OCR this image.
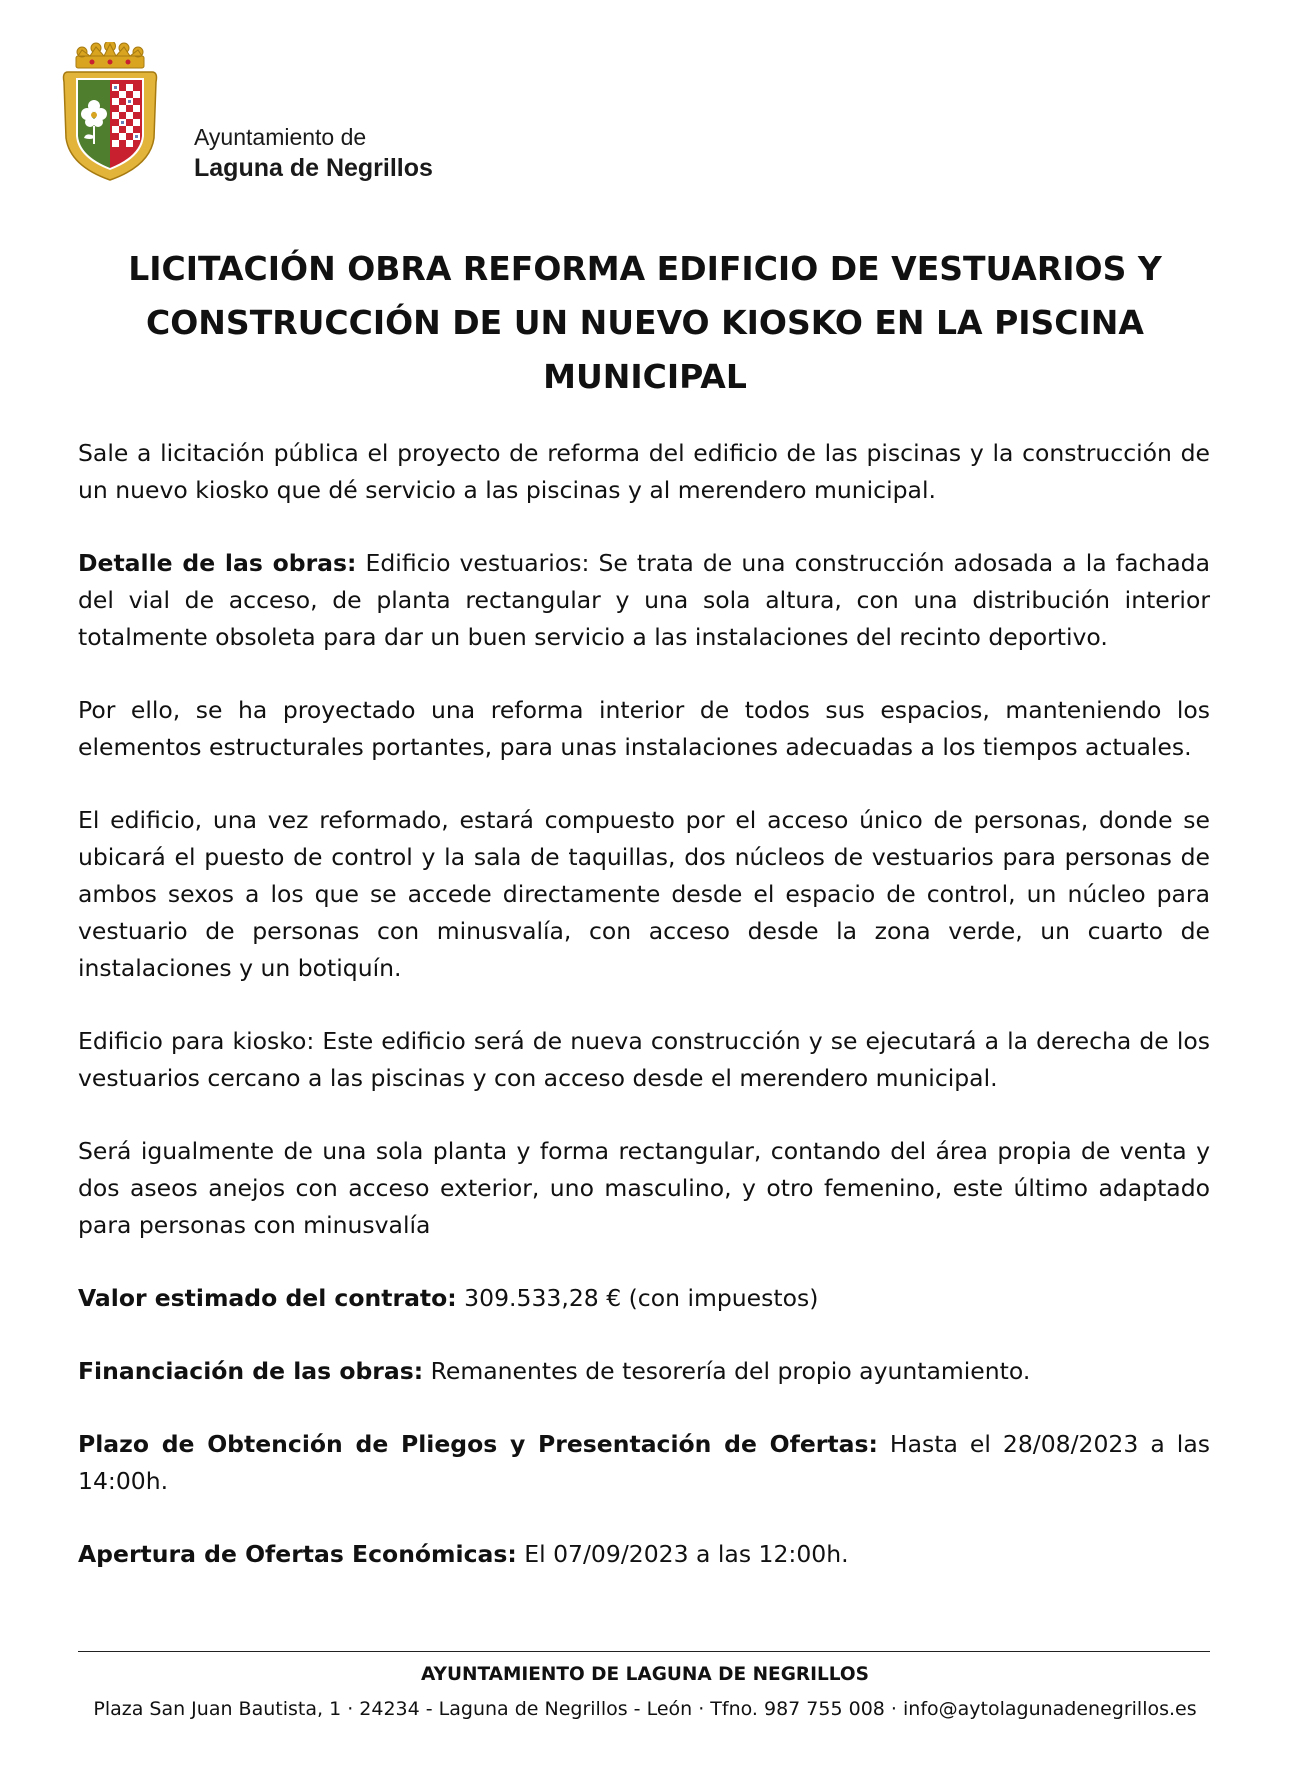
Ayuntamiento de
Laguna de Negrillos
LICITACIÓN OBRA REFORMA EDIFICIO DE VESTUARIOS Y
CONSTRUCCIÓN DE UN NUEVO KIOSKO EN LA PISCINA
MUNICIPAL

Sale a licitación pública el proyecto de reforma del edificio de las piscinas y la construcción de un nuevo kiosko que dé servicio a las piscinas y al merendero municipal.

Detalle de las obras: Edificio vestuarios: Se trata de una construcción adosada a la fachada del vial de acceso, de planta rectangular y una sola altura, con una distribución interior totalmente obsoleta para dar un buen servicio a las instalaciones del recinto deportivo.

Por ello, se ha proyectado una reforma interior de todos sus espacios, manteniendo los elementos estructurales portantes, para unas instalaciones adecuadas a los tiempos actuales.

El edificio, una vez reformado, estará compuesto por el acceso único de personas, donde se ubicará el puesto de control y la sala de taquillas, dos núcleos de vestuarios para personas de ambos sexos a los que se accede directamente desde el espacio de control, un núcleo para vestuario de personas con minusvalía, con acceso desde la zona verde, un cuarto de instalaciones y un botiquín.

Edificio para kiosko: Este edificio será de nueva construcción y se ejecutará a la derecha de los vestuarios cercano a las piscinas y con acceso desde el merendero municipal.

Será igualmente de una sola planta y forma rectangular, contando del área propia de venta y dos aseos anejos con acceso exterior, uno masculino, y otro femenino, este último adaptado para personas con minusvalía

Valor estimado del contrato: 309.533,28 € (con impuestos)

Financiación de las obras: Remanentes de tesorería del propio ayuntamiento.

Plazo de Obtención de Pliegos y Presentación de Ofertas: Hasta el 28/08/2023 a las 14:00h.

Apertura de Ofertas Económicas: El 07/09/2023 a las 12:00h.

AYUNTAMIENTO DE LAGUNA DE NEGRILLOS
Plaza San Juan Bautista, 1 · 24234 - Laguna de Negrillos - León · Tfno. 987 755 008 · info@aytolagunadenegrillos.es
